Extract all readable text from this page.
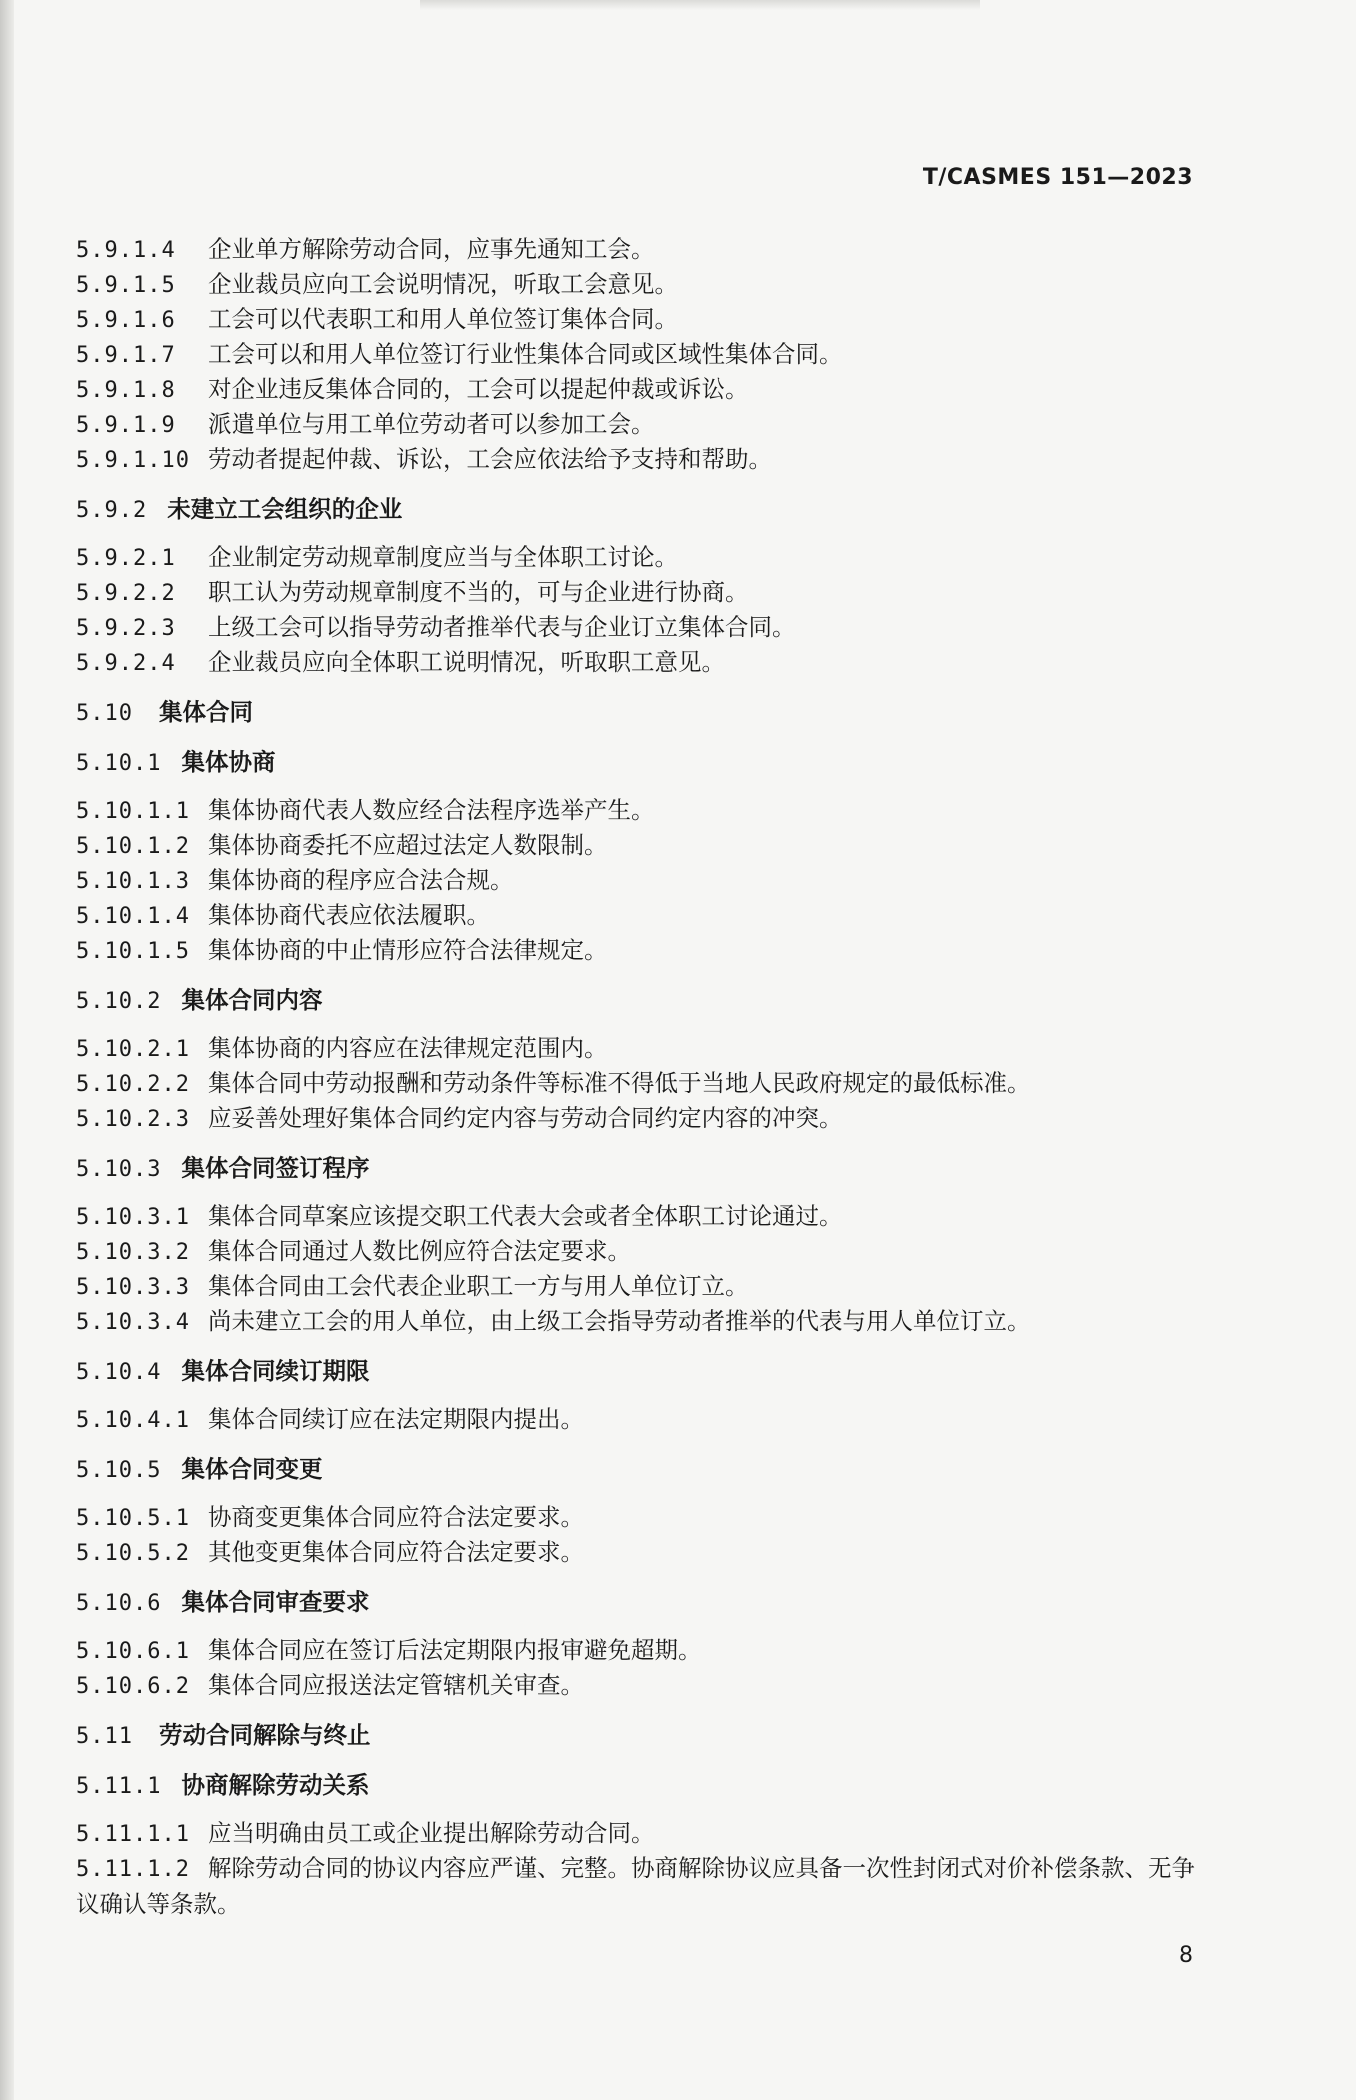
T/CASMES 151—2023
5.9.1.4 企业单方解除劳动合同，应事先通知工会。
5.9.1.5 企业裁员应向工会说明情况，听取工会意见。
5.9.1.6 工会可以代表职工和用人单位签订集体合同。
5.9.1.7 工会可以和用人单位签订行业性集体合同或区域性集体合同。
5.9.1.8 对企业违反集体合同的，工会可以提起仲裁或诉讼。
5.9.1.9 派遣单位与用工单位劳动者可以参加工会。
5.9.1.10 劳动者提起仲裁、诉讼，工会应依法给予支持和帮助。
5.9.2 未建立工会组织的企业
5.9.2.1 企业制定劳动规章制度应当与全体职工讨论。
5.9.2.2 职工认为劳动规章制度不当的，可与企业进行协商。
5.9.2.3 上级工会可以指导劳动者推举代表与企业订立集体合同。
5.9.2.4 企业裁员应向全体职工说明情况，听取职工意见。
5.10 集体合同
5.10.1 集体协商
5.10.1.1 集体协商代表人数应经合法程序选举产生。
5.10.1.2 集体协商委托不应超过法定人数限制。
5.10.1.3 集体协商的程序应合法合规。
5.10.1.4 集体协商代表应依法履职。
5.10.1.5 集体协商的中止情形应符合法律规定。
5.10.2 集体合同内容
5.10.2.1 集体协商的内容应在法律规定范围内。
5.10.2.2 集体合同中劳动报酬和劳动条件等标准不得低于当地人民政府规定的最低标准。
5.10.2.3 应妥善处理好集体合同约定内容与劳动合同约定内容的冲突。
5.10.3 集体合同签订程序
5.10.3.1 集体合同草案应该提交职工代表大会或者全体职工讨论通过。
5.10.3.2 集体合同通过人数比例应符合法定要求。
5.10.3.3 集体合同由工会代表企业职工一方与用人单位订立。
5.10.3.4 尚未建立工会的用人单位，由上级工会指导劳动者推举的代表与用人单位订立。
5.10.4 集体合同续订期限
5.10.4.1 集体合同续订应在法定期限内提出。
5.10.5 集体合同变更
5.10.5.1 协商变更集体合同应符合法定要求。
5.10.5.2 其他变更集体合同应符合法定要求。
5.10.6 集体合同审查要求
5.10.6.1 集体合同应在签订后法定期限内报审避免超期。
5.10.6.2 集体合同应报送法定管辖机关审查。
5.11 劳动合同解除与终止
5.11.1 协商解除劳动关系
5.11.1.1 应当明确由员工或企业提出解除劳动合同。
5.11.1.2 解除劳动合同的协议内容应严谨、完整。协商解除协议应具备一次性封闭式对价补偿条款、无争议确认等条款。
8
